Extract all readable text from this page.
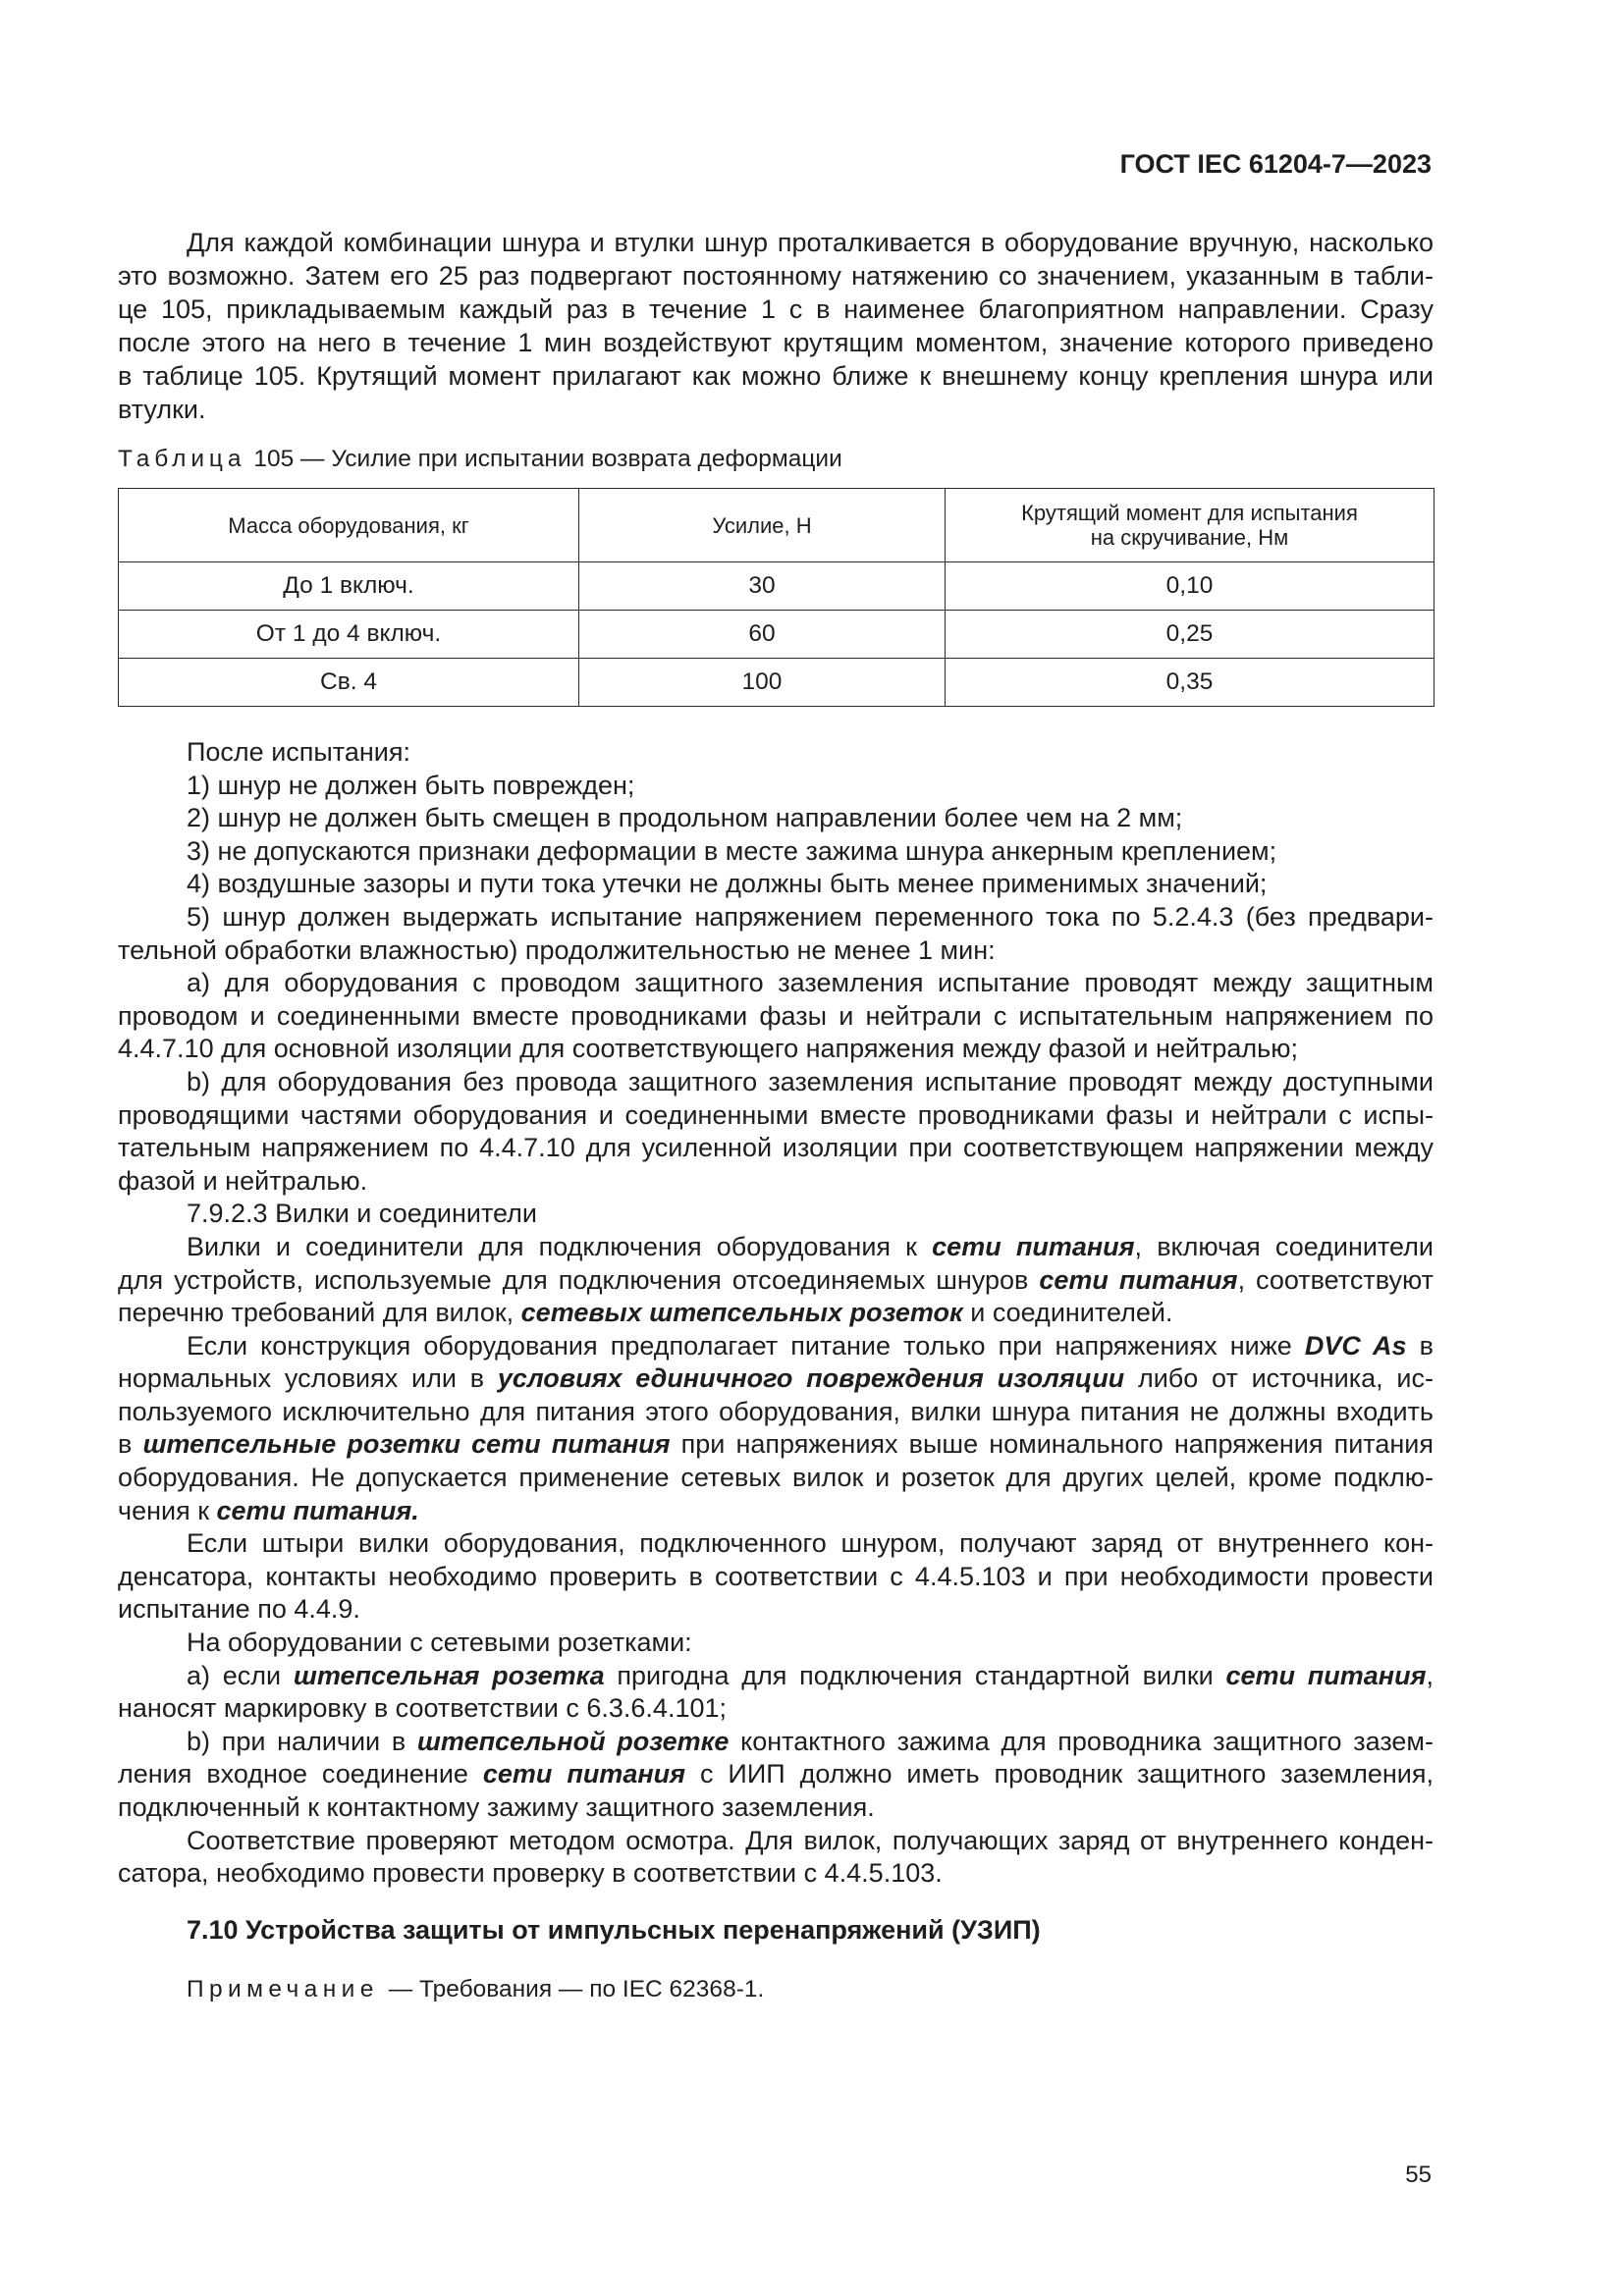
ГОСТ IEC 61204-7—2023
Для каждой комбинации шнура и втулки шнур проталкивается в оборудование вручную, насколько
это возможно. Затем его 25 раз подвергают постоянному натяжению со значением, указанным в табли-
це 105, прикладываемым каждый раз в течение 1 с в наименее благоприятном направлении. Сразу
после этого на него в течение 1 мин воздействуют крутящим моментом, значение которого приведено
в таблице 105. Крутящий момент прилагают как можно ближе к внешнему концу крепления шнура или
втулки.
Таблица 105 — Усилие при испытании возврата деформации
Масса оборудования, кг	Усилие, Н	Крутящий момент для испытания
на скручивание, Нм

До 1 включ.	30	0,10
От 1 до 4 включ.	60	0,25
Св. 4	100	0,35
После испытания:
1) шнур не должен быть поврежден;
2) шнур не должен быть смещен в продольном направлении более чем на 2 мм;
3) не допускаются признаки деформации в месте зажима шнура анкерным креплением;
4) воздушные зазоры и пути тока утечки не должны быть менее применимых значений;
5) шнур должен выдержать испытание напряжением переменного тока по 5.2.4.3 (без предвари-
тельной обработки влажностью) продолжительностью не менее 1 мин:
a) для оборудования с проводом защитного заземления испытание проводят между защитным
проводом и соединенными вместе проводниками фазы и нейтрали с испытательным напряжением по
4.4.7.10 для основной изоляции для соответствующего напряжения между фазой и нейтралью;
b) для оборудования без провода защитного заземления испытание проводят между доступными
проводящими частями оборудования и соединенными вместе проводниками фазы и нейтрали с испы-
тательным напряжением по 4.4.7.10 для усиленной изоляции при соответствующем напряжении между
фазой и нейтралью.
7.9.2.3 Вилки и соединители
Вилки и соединители для подключения оборудования к сети питания, включая соединители
для устройств, используемые для подключения отсоединяемых шнуров сети питания, соответствуют
перечню требований для вилок, сетевых штепсельных розеток и соединителей.
Если конструкция оборудования предполагает питание только при напряжениях ниже DVC As в
нормальных условиях или в условиях единичного повреждения изоляции либо от источника, ис-
пользуемого исключительно для питания этого оборудования, вилки шнура питания не должны входить
в штепсельные розетки сети питания при напряжениях выше номинального напряжения питания
оборудования. Не допускается применение сетевых вилок и розеток для других целей, кроме подклю-
чения к сети питания.
Если штыри вилки оборудования, подключенного шнуром, получают заряд от внутреннего кон-
денсатора, контакты необходимо проверить в соответствии с 4.4.5.103 и при необходимости провести
испытание по 4.4.9.
На оборудовании с сетевыми розетками:
a) если штепсельная розетка пригодна для подключения стандартной вилки сети питания,
наносят маркировку в соответствии с 6.3.6.4.101;
b) при наличии в штепсельной розетке контактного зажима для проводника защитного зазем-
ления входное соединение сети питания с ИИП должно иметь проводник защитного заземления,
подключенный к контактному зажиму защитного заземления.
Соответствие проверяют методом осмотра. Для вилок, получающих заряд от внутреннего конден-
сатора, необходимо провести проверку в соответствии с 4.4.5.103.
7.10 Устройства защиты от импульсных перенапряжений (УЗИП)
Примечание — Требования — по IEC 62368-1.
55
